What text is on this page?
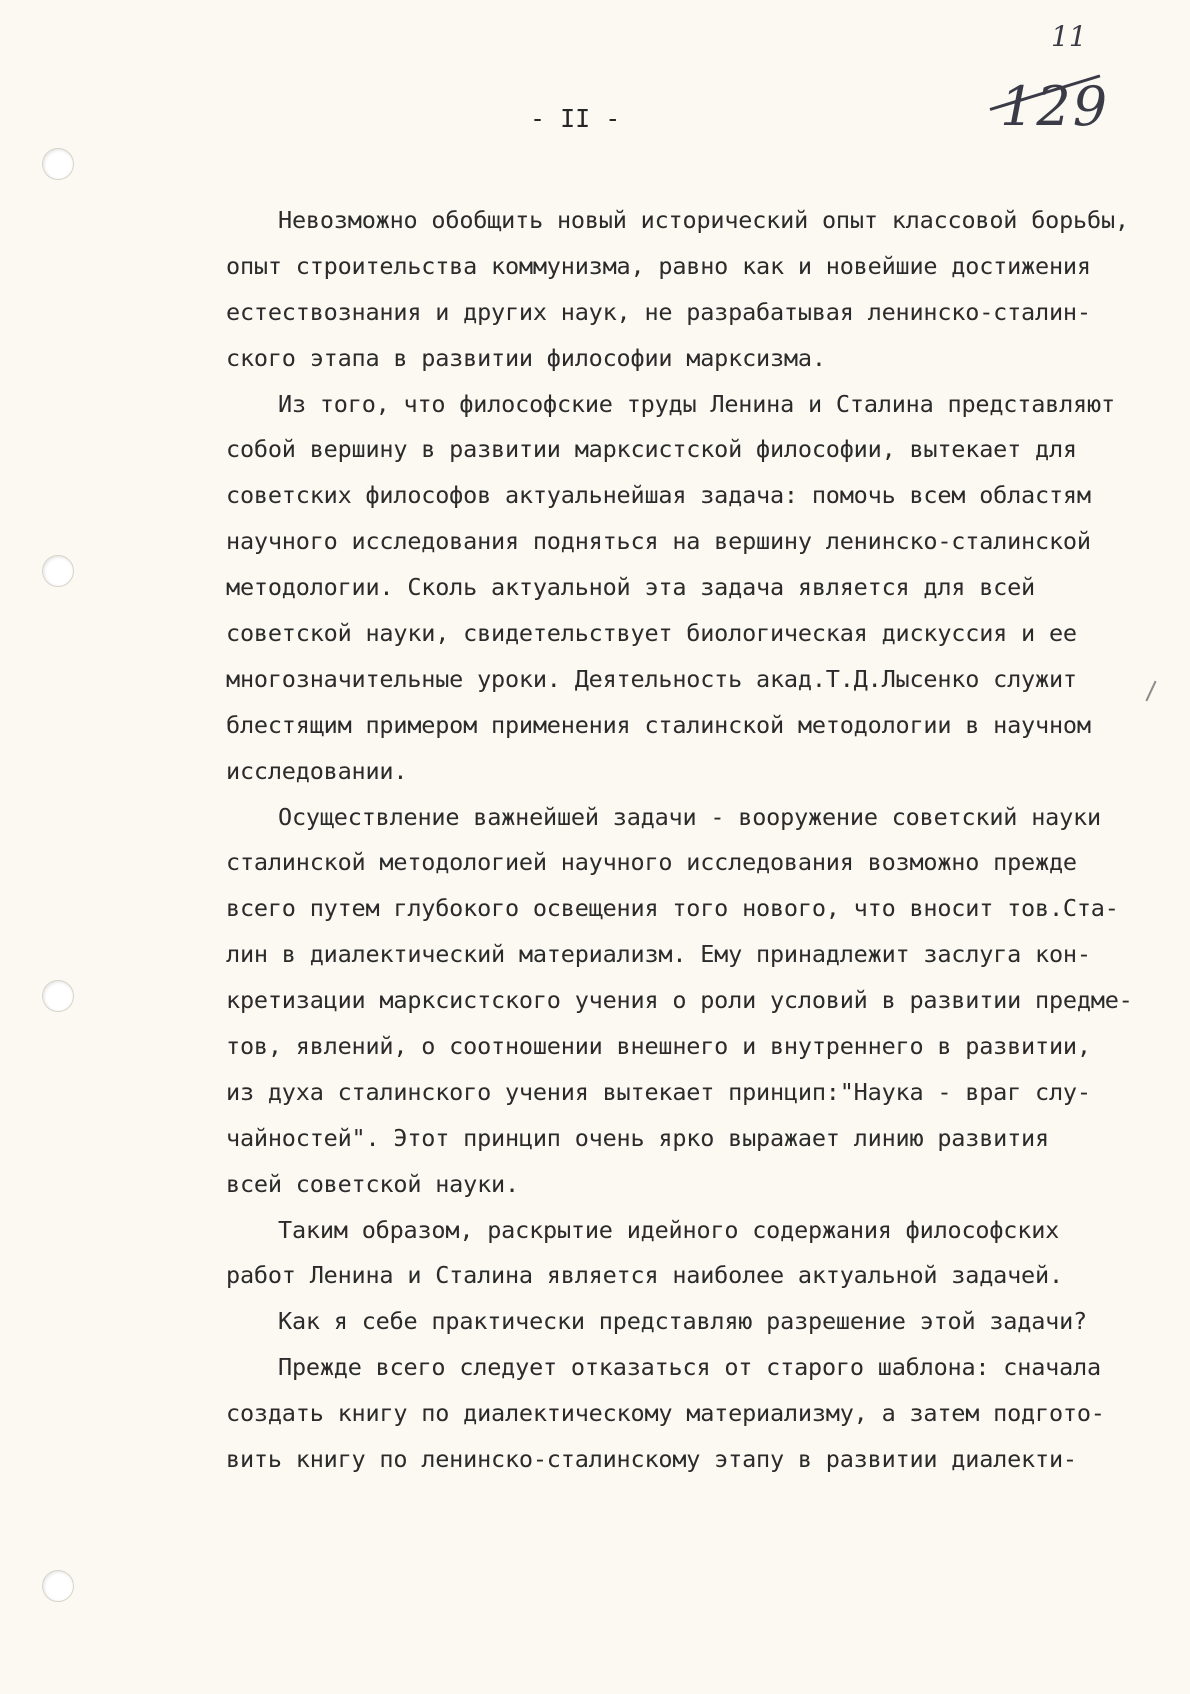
11
129
- II -
Невозможно обобщить новый исторический опыт классовой борьбы,
опыт строительства коммунизма, равно как и новейшие достижения
естествознания и других наук, не разрабатывая ленинско-сталин-
ского этапа в развитии философии марксизма.
Из того, что философские труды Ленина и Сталина представляют
собой вершину в развитии марксистской философии, вытекает для
советских философов актуальнейшая задача: помочь всем областям
научного исследования подняться на вершину ленинско-сталинской
методологии. Сколь актуальной эта задача является для всей
советской науки, свидетельствует биологическая дискуссия и ее
многозначительные уроки. Деятельность акад.Т.Д.Лысенко служит
блестящим примером применения сталинской методологии в научном
исследовании.
Осуществление важнейшей задачи - вооружение советский науки
сталинской методологией научного исследования возможно прежде
всего путем глубокого освещения того нового, что вносит тов.Ста-
лин в диалектический материализм. Ему принадлежит заслуга кон-
кретизации марксистского учения о роли условий в развитии предме-
тов, явлений, о соотношении внешнего и внутреннего в развитии,
из духа сталинского учения вытекает принцип:"Наука - враг слу-
чайностей". Этот принцип очень ярко выражает линию развития
всей советской науки.
Таким образом, раскрытие идейного содержания философских
работ Ленина и Сталина является наиболее актуальной задачей.
Как я себе практически представляю разрешение этой задачи?
Прежде всего следует отказаться от старого шаблона: сначала
создать книгу по диалектическому материализму, а затем подгото-
вить книгу по ленинско-сталинскому этапу в развитии диалекти-
